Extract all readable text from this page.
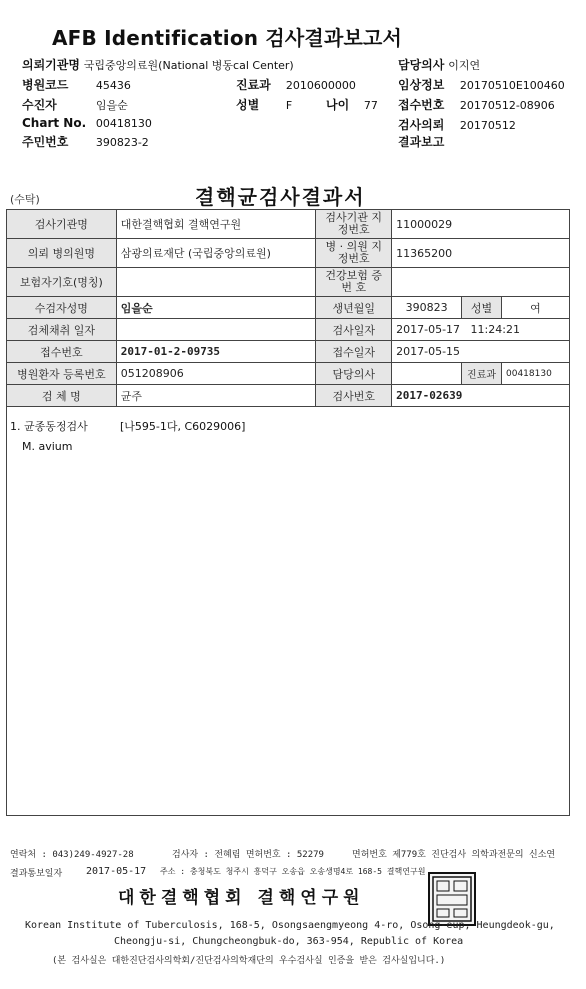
AFB Identification 검사결과보고서
의뢰기관명 국립중앙의료원(National 병동cal Center)	담당의사 이지연
병원코드 45436	진료과 2010600000	임상정보 20170510E100460
수진자	임을순	성별 F	나이 77 접수번호 20170512-08906
Chart No. 00418130	검사의뢰 20170512
주민번호 390823-2	결과보고
(수탁)	결핵균검사결과서
검사기관명	대한결핵협회 결핵연구원	검사기관 지정번호	11000029		
의뢰 병의원명	삼광의료재단 (국립중앙의료원)	병 · 의원 지정번호	11365200		
보험자기호(명칭)		건강보험 증 번 호			
수검자성명	임을순	생년월일	390823	성별	여
검체채취 일자		검사일자	2017-05-17   11:24:21		
접수번호	2017-01-2-09735	접수일자	2017-05-15		
병원환자 등록번호	051208906	담당의사		진료과	00418130
검 체 명	균주	검사번호	2017-02639		
1. 균종동정검사	[나595-1다, C6029006]
M. avium
연락처 : 043)249-4927-28	검사자 : 전혜림 면허번호 : 52279	면허번호 제779호 진단검사 의학과전문의 신소연
결과통보일자 2017-05-17 주소 : 충청북도 청주시 흥덕구 오송읍 오송생명4로 168-5 결핵연구원
대한결핵협회 결핵연구원
Korean Institute of Tuberculosis, 168-5, Osongsaengmyeong 4-ro, Osong-eup, Heungdeok-gu,
Cheongju-si, Chungcheongbuk-do, 363-954, Republic of Korea
(본 검사실은 대한진단검사의학회/진단검사의학재단의 우수검사실 인증을 받은 검사실입니다.)
